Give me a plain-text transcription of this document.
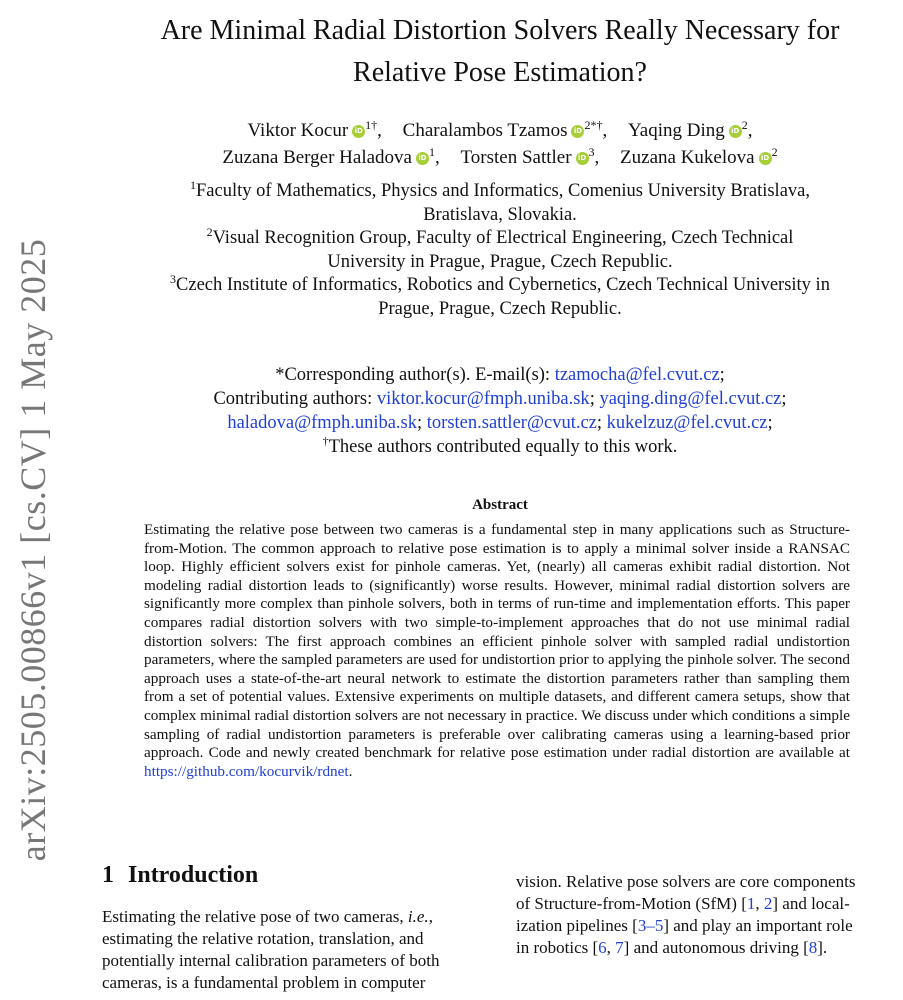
arXiv:2505.00866v1 [cs.CV] 1 May 2025
Are Minimal Radial Distortion Solvers Really Necessary for
Relative Pose Estimation?
Viktor Kocur iD $^{1\dagger}$, Charalambos Tzamos iD $^{2*\dagger}$, Yaqing Ding iD $^2$,
Zuzana Berger Haladova iD $^1$, Torsten Sattler iD $^3$, Zuzana Kukelova iD $^2$
$^1$Faculty of Mathematics, Physics and Informatics, Comenius University Bratislava,
Bratislava, Slovakia.
$^2$Visual Recognition Group, Faculty of Electrical Engineering, Czech Technical
University in Prague, Prague, Czech Republic.
$^3$Czech Institute of Informatics, Robotics and Cybernetics, Czech Technical University in
Prague, Prague, Czech Republic.
*Corresponding author(s). E-mail(s): tzamocha@fel.cvut.cz;
Contributing authors: viktor.kocur@fmph.uniba.sk; yaqing.ding@fel.cvut.cz;
haladova@fmph.uniba.sk; torsten.sattler@cvut.cz; kukelzuz@fel.cvut.cz;
†These authors contributed equally to this work.
Abstract

Estimating the relative pose between two cameras is a fundamental step in many applications such as Structure-from-Motion. The common approach to relative pose estimation is to apply a minimal solver inside a RANSAC loop. Highly efficient solvers exist for pinhole cameras. Yet, (nearly) all cameras exhibit radial distortion. Not modeling radial distortion leads to (significantly) worse results. However, minimal radial distortion solvers are significantly more complex than pinhole solvers, both in terms of run-time and implementation efforts. This paper compares radial distortion solvers with two simple-to-implement approaches that do not use minimal radial distortion solvers: The first approach combines an efficient pinhole solver with sampled radial undistortion parameters, where the sampled parameters are used for undistortion prior to applying the pinhole solver. The second approach uses a state-of-the-art neural network to estimate the distortion parameters rather than sampling them from a set of potential values. Extensive experiments on multiple datasets, and different camera setups, show that complex minimal radial distortion solvers are not necessary in practice. We discuss under which conditions a simple sampling of radial undistortion parameters is preferable over calibrating cameras using a learning-based prior approach. Code and newly created benchmark for relative pose estimation under radial distortion are available at https://github.com/kocurvik/rdnet.

1 Introduction

Estimating the relative pose of two cameras, i.e.,
estimating the relative rotation, translation, and
potentially internal calibration parameters of both
cameras, is a fundamental problem in computer

vision. Relative pose solvers are core components
of Structure-from-Motion (SfM) [1, 2] and local-
ization pipelines [3–5] and play an important role
in robotics [6, 7] and autonomous driving [8].
